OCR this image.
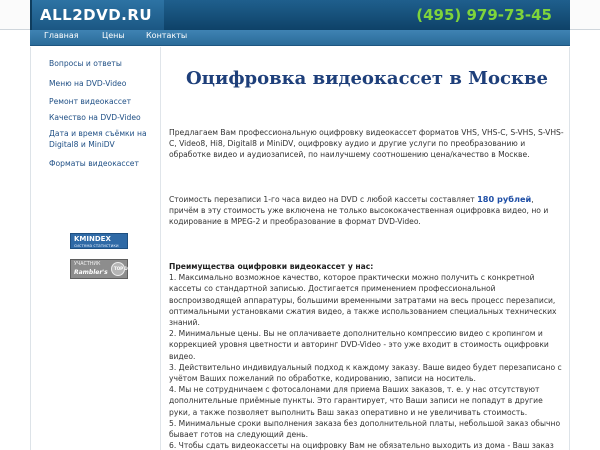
ALL2DVD.RU	(495) 979-73-45
Главная	Цены	Контакты
Вопросы и ответы
Меню на DVD-Video
Ремонт видеокассет
Качество на DVD-Video
Дата и время съёмки на Digital8 и MiniDV
Форматы видеокассет
KMINDEX
система статистики
УЧАСТНИК
Rambler's
TOP 100
Оцифровка видеокассет в Москве

Предлагаем Вам профессиональную оцифровку видеокассет форматов VHS, VHS-C, S-VHS, S-VHS-C, Video8, Hi8, Digital8 и MiniDV, оцифровку аудио и другие услуги по преобразованию и обработке видео и аудиозаписей, по наилучшему соотношению цена/качество в Москве.

Стоимость перезаписи 1-го часа видео на DVD с любой кассеты составляет 180 рублей, причём в эту стоимость уже включена не только высококачественная оцифровка видео, но и кодирование в MPEG-2 и преобразование в формат DVD-Video.

Преимущества оцифровки видеокассет у нас:
1. Максимально возможное качество, которое практически можно получить с конкретной кассеты со стандартной записью. Достигается применением профессиональной воспроизводящей аппаратуры, большими временными затратами на весь процесс перезаписи, оптимальными установками сжатия видео, а также использованием специальных технических знаний.
2. Минимальные цены. Вы не оплачиваете дополнительно компрессию видео с кропингом и коррекцией уровня цветности и авторинг DVD-Video - это уже входит в стоимость оцифровки видео.
3. Действительно индивидуальный подход к каждому заказу. Ваше видео будет перезаписано с учётом Ваших пожеланий по обработке, кодированию, записи на носитель.
4. Мы не сотрудничаем с фотосалонами для приема Ваших заказов, т. е. у нас отсутствуют дополнительные приёмные пункты. Это гарантирует, что Ваши записи не попадут в другие руки, а также позволяет выполнить Ваш заказ оперативно и не увеличивать стоимость.
5. Минимальные сроки выполнения заказа без дополнительной платы, небольшой заказ обычно бывает готов на следующий день.
6. Чтобы сдать видеокассеты на оцифровку Вам не обязательно выходить из дома - Ваш заказ
